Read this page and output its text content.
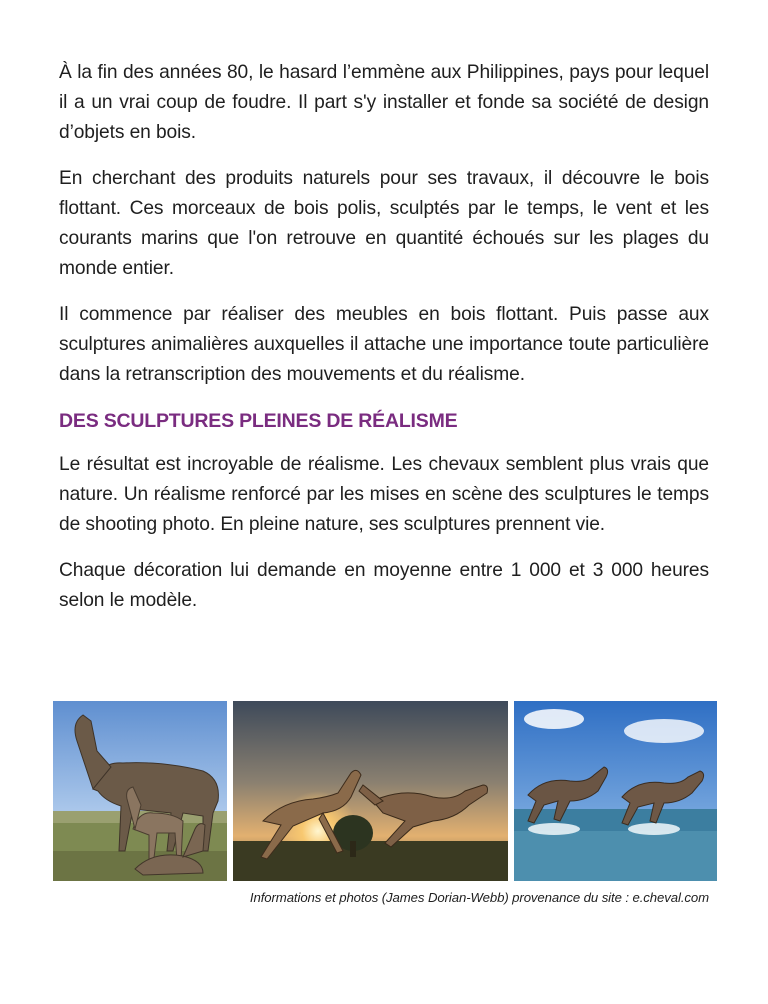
À la fin des années 80, le hasard l’emmène aux Philippines, pays pour lequel il a un vrai coup de foudre. Il part s'y installer et fonde sa société de design d’objets en bois.

En cherchant des produits naturels pour ses travaux, il découvre le bois flottant. Ces morceaux de bois polis, sculptés par le temps, le vent et les courants marins que l'on retrouve en quantité échoués sur les plages du monde entier.

Il commence par réaliser des meubles en bois flottant. Puis passe aux sculptures animalières auxquelles il attache une importance toute particulière dans la retranscription des mouvements et du réalisme.

DES SCULPTURES PLEINES DE RÉALISME

Le résultat est incroyable de réalisme. Les chevaux semblent plus vrais que nature. Un réalisme renforcé par les mises en scène des sculptures le temps de shooting photo. En pleine nature, ses sculptures prennent vie.

Chaque décoration lui demande en moyenne entre 1 000 et 3 000 heures selon le modèle.

Informations et photos (James Dorian-Webb) provenance du site : e.cheval.com
